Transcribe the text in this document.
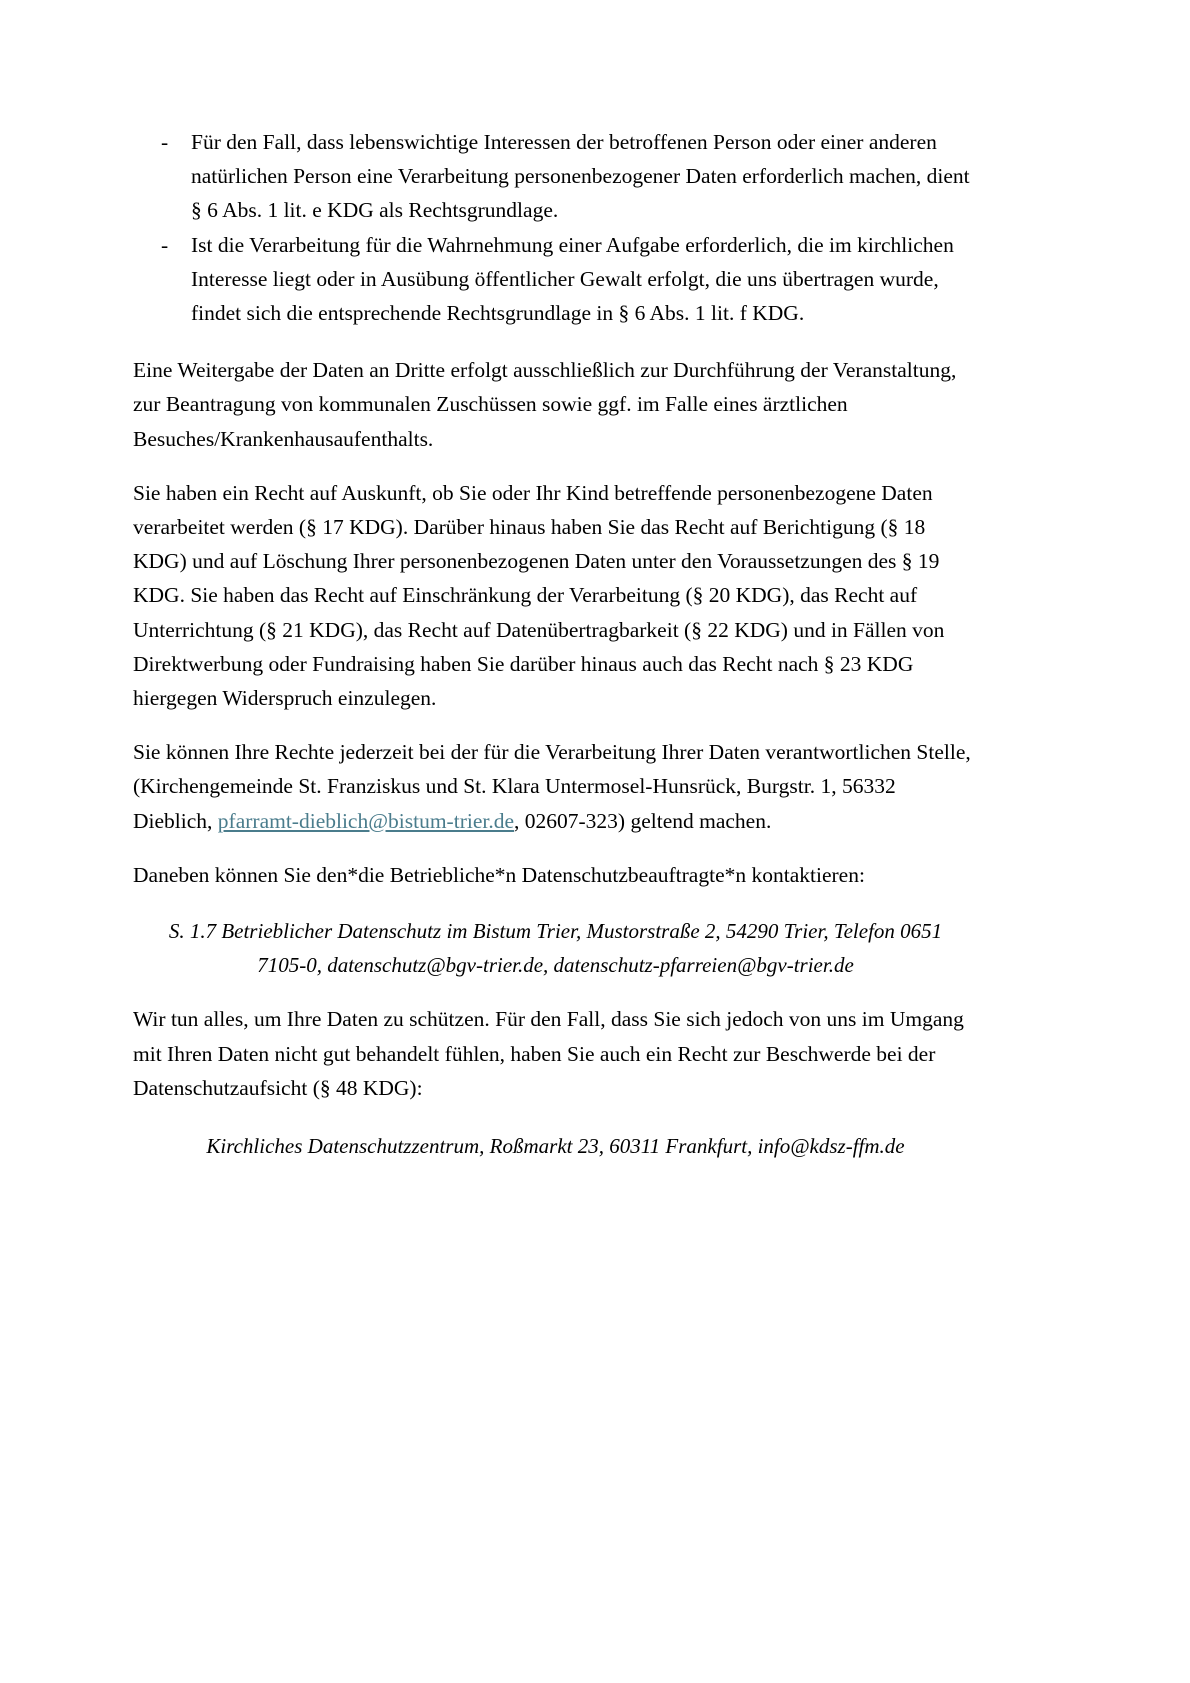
- Für den Fall, dass lebenswichtige Interessen der betroffenen Person oder einer anderen natürlichen Person eine Verarbeitung personenbezogener Daten erforderlich machen, dient § 6 Abs. 1 lit. e KDG als Rechtsgrundlage.
- Ist die Verarbeitung für die Wahrnehmung einer Aufgabe erforderlich, die im kirchlichen Interesse liegt oder in Ausübung öffentlicher Gewalt erfolgt, die uns übertragen wurde, findet sich die entsprechende Rechtsgrundlage in § 6 Abs. 1 lit. f KDG.

Eine Weitergabe der Daten an Dritte erfolgt ausschließlich zur Durchführung der Veranstaltung, zur Beantragung von kommunalen Zuschüssen sowie ggf. im Falle eines ärztlichen Besuches/Krankenhausaufenthalts.

Sie haben ein Recht auf Auskunft, ob Sie oder Ihr Kind betreffende personenbezogene Daten verarbeitet werden (§ 17 KDG). Darüber hinaus haben Sie das Recht auf Berichtigung (§ 18 KDG) und auf Löschung Ihrer personenbezogenen Daten unter den Voraussetzungen des § 19 KDG. Sie haben das Recht auf Einschränkung der Verarbeitung (§ 20 KDG), das Recht auf Unterrichtung (§ 21 KDG), das Recht auf Datenübertragbarkeit (§ 22 KDG) und in Fällen von Direktwerbung oder Fundraising haben Sie darüber hinaus auch das Recht nach § 23 KDG hiergegen Widerspruch einzulegen.

Sie können Ihre Rechte jederzeit bei der für die Verarbeitung Ihrer Daten verantwortlichen Stelle, (Kirchengemeinde St. Franziskus und St. Klara Untermosel-Hunsrück, Burgstr. 1, 56332 Dieblich, pfarramt-dieblich@bistum-trier.de, 02607-323) geltend machen.

Daneben können Sie den*die Betriebliche*n Datenschutzbeauftragte*n kontaktieren:

S. 1.7 Betrieblicher Datenschutz im Bistum Trier, Mustorstraße 2, 54290 Trier, Telefon 0651 7105-0, datenschutz@bgv-trier.de, datenschutz-pfarreien@bgv-trier.de

Wir tun alles, um Ihre Daten zu schützen. Für den Fall, dass Sie sich jedoch von uns im Umgang mit Ihren Daten nicht gut behandelt fühlen, haben Sie auch ein Recht zur Beschwerde bei der Datenschutzaufsicht (§ 48 KDG):

Kirchliches Datenschutzzentrum, Roßmarkt 23, 60311 Frankfurt, info@kdsz-ffm.de
